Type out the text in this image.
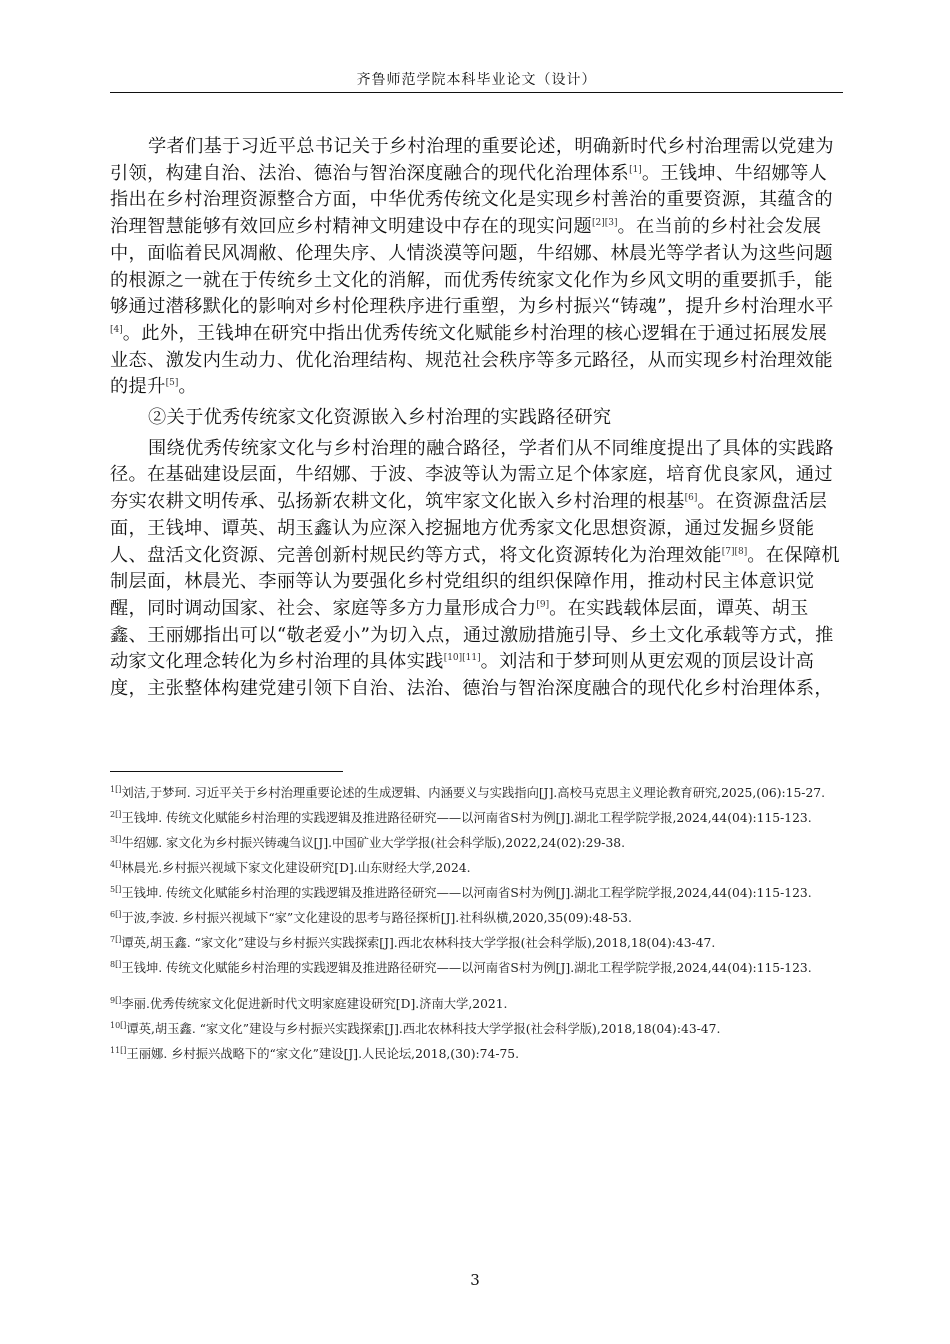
齐鲁师范学院本科毕业论文（设计）

学者们基于习近平总书记关于乡村治理的重要论述，明确新时代乡村治理需以党建为引领，构建自治、法治、德治与智治深度融合的现代化治理体系[1]。王钱坤、牛绍娜等人指出在乡村治理资源整合方面，中华优秀传统文化是实现乡村善治的重要资源，其蕴含的治理智慧能够有效回应乡村精神文明建设中存在的现实问题[2][3]。在当前的乡村社会发展中，面临着民风凋敝、伦理失序、人情淡漠等问题，牛绍娜、林晨光等学者认为这些问题的根源之一就在于传统乡土文化的消解，而优秀传统家文化作为乡风文明的重要抓手，能够通过潜移默化的影响对乡村伦理秩序进行重塑，为乡村振兴“铸魂”，提升乡村治理水平[4]。此外，王钱坤在研究中指出优秀传统文化赋能乡村治理的核心逻辑在于通过拓展发展业态、激发内生动力、优化治理结构、规范社会秩序等多元路径，从而实现乡村治理效能的提升[5]。

②关于优秀传统家文化资源嵌入乡村治理的实践路径研究

围绕优秀传统家文化与乡村治理的融合路径，学者们从不同维度提出了具体的实践路径。在基础建设层面，牛绍娜、于波、李波等认为需立足个体家庭，培育优良家风，通过夯实农耕文明传承、弘扬新农耕文化，筑牢家文化嵌入乡村治理的根基[6]。在资源盘活层面，王钱坤、谭英、胡玉鑫认为应深入挖掘地方优秀家文化思想资源，通过发掘乡贤能人、盘活文化资源、完善创新村规民约等方式，将文化资源转化为治理效能[7][8]。在保障机制层面，林晨光、李丽等认为要强化乡村党组织的组织保障作用，推动村民主体意识觉醒，同时调动国家、社会、家庭等多方力量形成合力[9]。在实践载体层面，谭英、胡玉鑫、王丽娜指出可以“敬老爱小”为切入点，通过激励措施引导、乡土文化承载等方式，推动家文化理念转化为乡村治理的具体实践[10][11]。刘洁和于梦珂则从更宏观的顶层设计高度，主张整体构建党建引领下自治、法治、德治与智治深度融合的现代化乡村治理体系，

$^{1[]}$刘洁,于梦珂. 习近平关于乡村治理重要论述的生成逻辑、内涵要义与实践指向[J].高校马克思主义理论教育研究,2025,(06):15-27.
$^{2[]}$王钱坤. 传统文化赋能乡村治理的实践逻辑及推进路径研究——以河南省S村为例[J].湖北工程学院学报,2024,44(04):115-123.
$^{3[]}$牛绍娜. 家文化为乡村振兴铸魂刍议[J].中国矿业大学学报(社会科学版),2022,24(02):29-38.
$^{4[]}$林晨光.乡村振兴视域下家文化建设研究[D].山东财经大学,2024.
$^{5[]}$王钱坤. 传统文化赋能乡村治理的实践逻辑及推进路径研究——以河南省S村为例[J].湖北工程学院学报,2024,44(04):115-123.
$^{6[]}$于波,李波. 乡村振兴视域下“家”文化建设的思考与路径探析[J].社科纵横,2020,35(09):48-53.
$^{7[]}$谭英,胡玉鑫. “家文化”建设与乡村振兴实践探索[J].西北农林科技大学学报(社会科学版),2018,18(04):43-47.
$^{8[]}$王钱坤. 传统文化赋能乡村治理的实践逻辑及推进路径研究——以河南省S村为例[J].湖北工程学院学报,2024,44(04):115-123.
$^{9[]}$李丽.优秀传统家文化促进新时代文明家庭建设研究[D].济南大学,2021.
$^{10[]}$谭英,胡玉鑫. “家文化”建设与乡村振兴实践探索[J].西北农林科技大学学报(社会科学版),2018,18(04):43-47.
$^{11[]}$王丽娜. 乡村振兴战略下的“家文化”建设[J].人民论坛,2018,(30):74-75.
3
